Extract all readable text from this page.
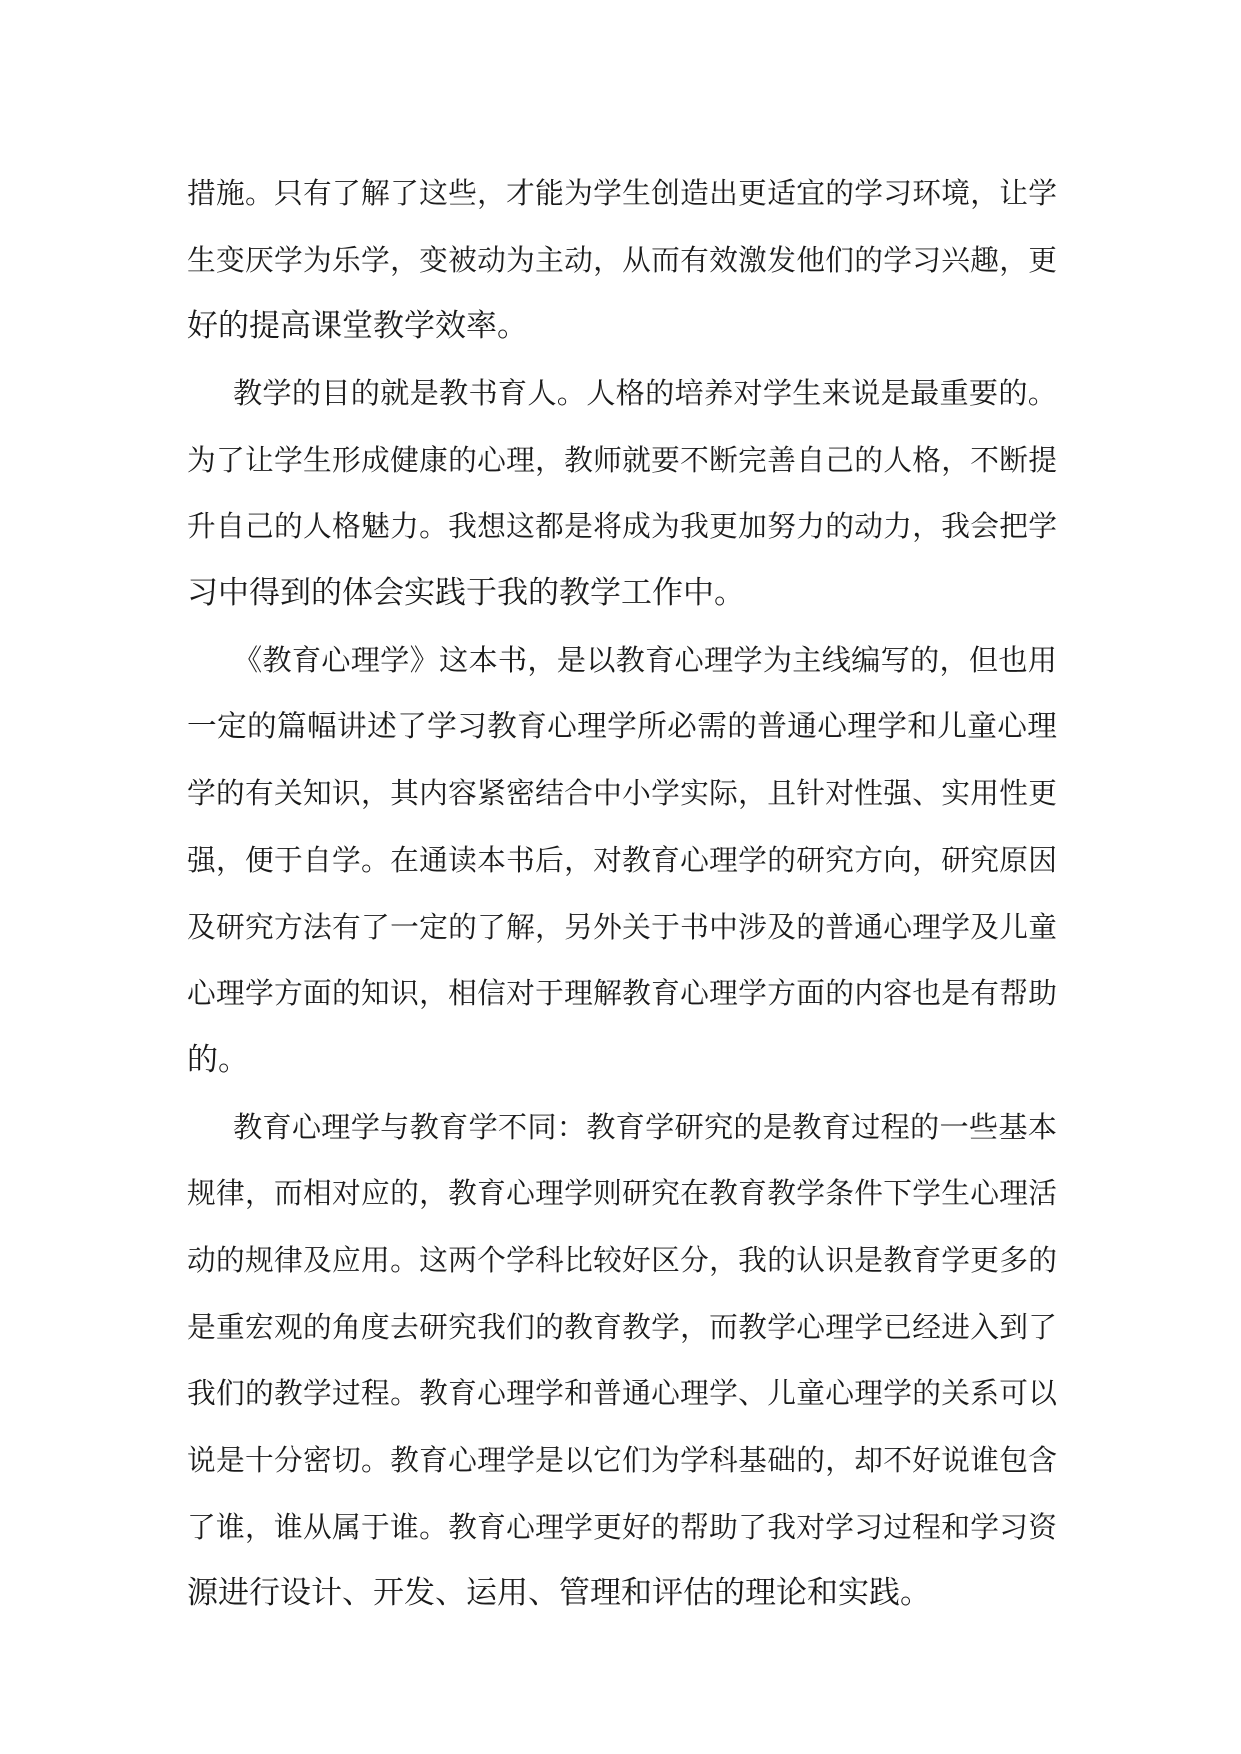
措施。只有了解了这些，才能为学生创造出更适宜的学习环境，让学
生变厌学为乐学，变被动为主动，从而有效激发他们的学习兴趣，更
好的提高课堂教学效率。
教学的目的就是教书育人。人格的培养对学生来说是最重要的。
为了让学生形成健康的心理，教师就要不断完善自己的人格，不断提
升自己的人格魅力。我想这都是将成为我更加努力的动力，我会把学
习中得到的体会实践于我的教学工作中。
《教育心理学》这本书，是以教育心理学为主线编写的，但也用
一定的篇幅讲述了学习教育心理学所必需的普通心理学和儿童心理
学的有关知识，其内容紧密结合中小学实际，且针对性强、实用性更
强，便于自学。在通读本书后，对教育心理学的研究方向，研究原因
及研究方法有了一定的了解，另外关于书中涉及的普通心理学及儿童
心理学方面的知识，相信对于理解教育心理学方面的内容也是有帮助
的。
教育心理学与教育学不同：教育学研究的是教育过程的一些基本
规律，而相对应的，教育心理学则研究在教育教学条件下学生心理活
动的规律及应用。这两个学科比较好区分，我的认识是教育学更多的
是重宏观的角度去研究我们的教育教学，而教学心理学已经进入到了
我们的教学过程。教育心理学和普通心理学、儿童心理学的关系可以
说是十分密切。教育心理学是以它们为学科基础的，却不好说谁包含
了谁，谁从属于谁。教育心理学更好的帮助了我对学习过程和学习资
源进行设计、开发、运用、管理和评估的理论和实践。
